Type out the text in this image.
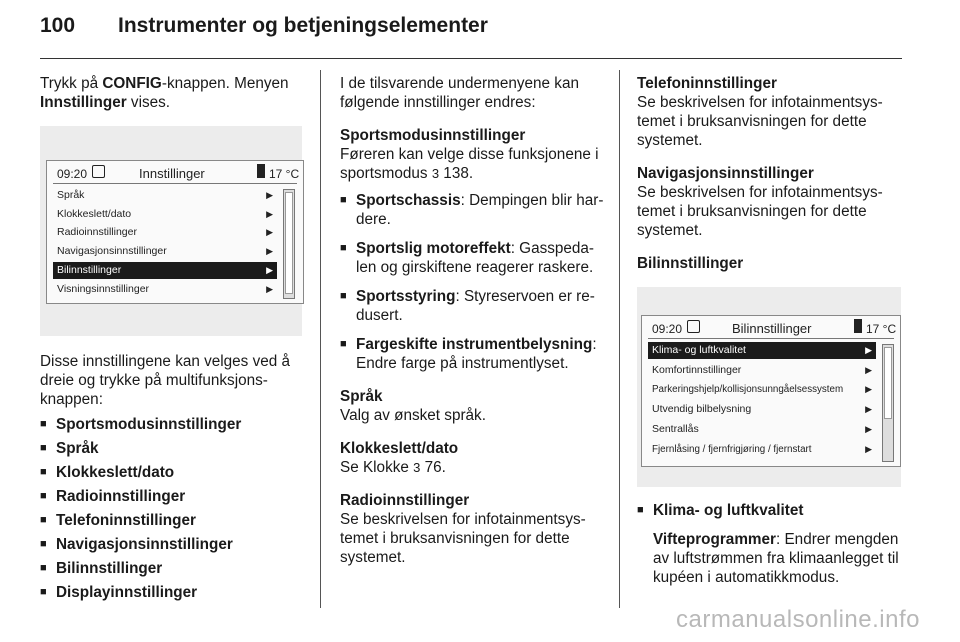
100 Instrumenter og betjeningselementer

Trykk på CONFIG-knappen. Menyen
Innstillinger vises.

09:20	Innstillinger	17 °C
Språk	▶
Klokkeslett/dato	▶
Radioinnstillinger	▶
Navigasjonsinnstillinger	▶
Bilinnstillinger	▶
Visningsinnstillinger	▶

Disse innstillingene kan velges ved å dreie og trykke på multifunksjons-knappen:

■ Sportsmodusinnstillinger
■ Språk
■ Klokkeslett/dato
■ Radioinnstillinger
■ Telefoninnstillinger
■ Navigasjonsinnstillinger
■ Bilinnstillinger
■ Displayinnstillinger

I de tilsvarende undermenyene kan følgende innstillinger endres:

Sportsmodusinnstillinger
Føreren kan velge disse funksjonene i sportsmodus 3 138.

■ Sportschassis: Dempingen blir har-dere.
■ Sportslig motoreffekt: Gasspeda-len og girskiftene reagerer raskere.
■ Sportsstyring: Styreservoen er re-dusert.
■ Fargeskifte instrumentbelysning: Endre farge på instrumentlyset.

Språk
Valg av ønsket språk.

Klokkeslett/dato
Se Klokke 3 76.

Radioinnstillinger
Se beskrivelsen for infotainmentsys-temet i bruksanvisningen for dette systemet.

Telefoninnstillinger
Se beskrivelsen for infotainmentsys-temet i bruksanvisningen for dette systemet.

Navigasjonsinnstillinger
Se beskrivelsen for infotainmentsys-temet i bruksanvisningen for dette systemet.

Bilinnstillinger

09:20	Bilinnstillinger	17 °C
Klima- og luftkvalitet	▶
Komfortinnstillinger	▶
Parkeringshjelp/kollisjonsunngåelsessystem ▶
Utvendig bilbelysning	▶
Sentrallås	▶
Fjernlåsing / fjernfrigjøring / fjernstart	▶
■ Klima- og luftkvalitet
Vifteprogrammer: Endrer mengden av luftstrømmen fra klimaanlegget til kupéen i automatikkmodus.
carmanualsonline.info
